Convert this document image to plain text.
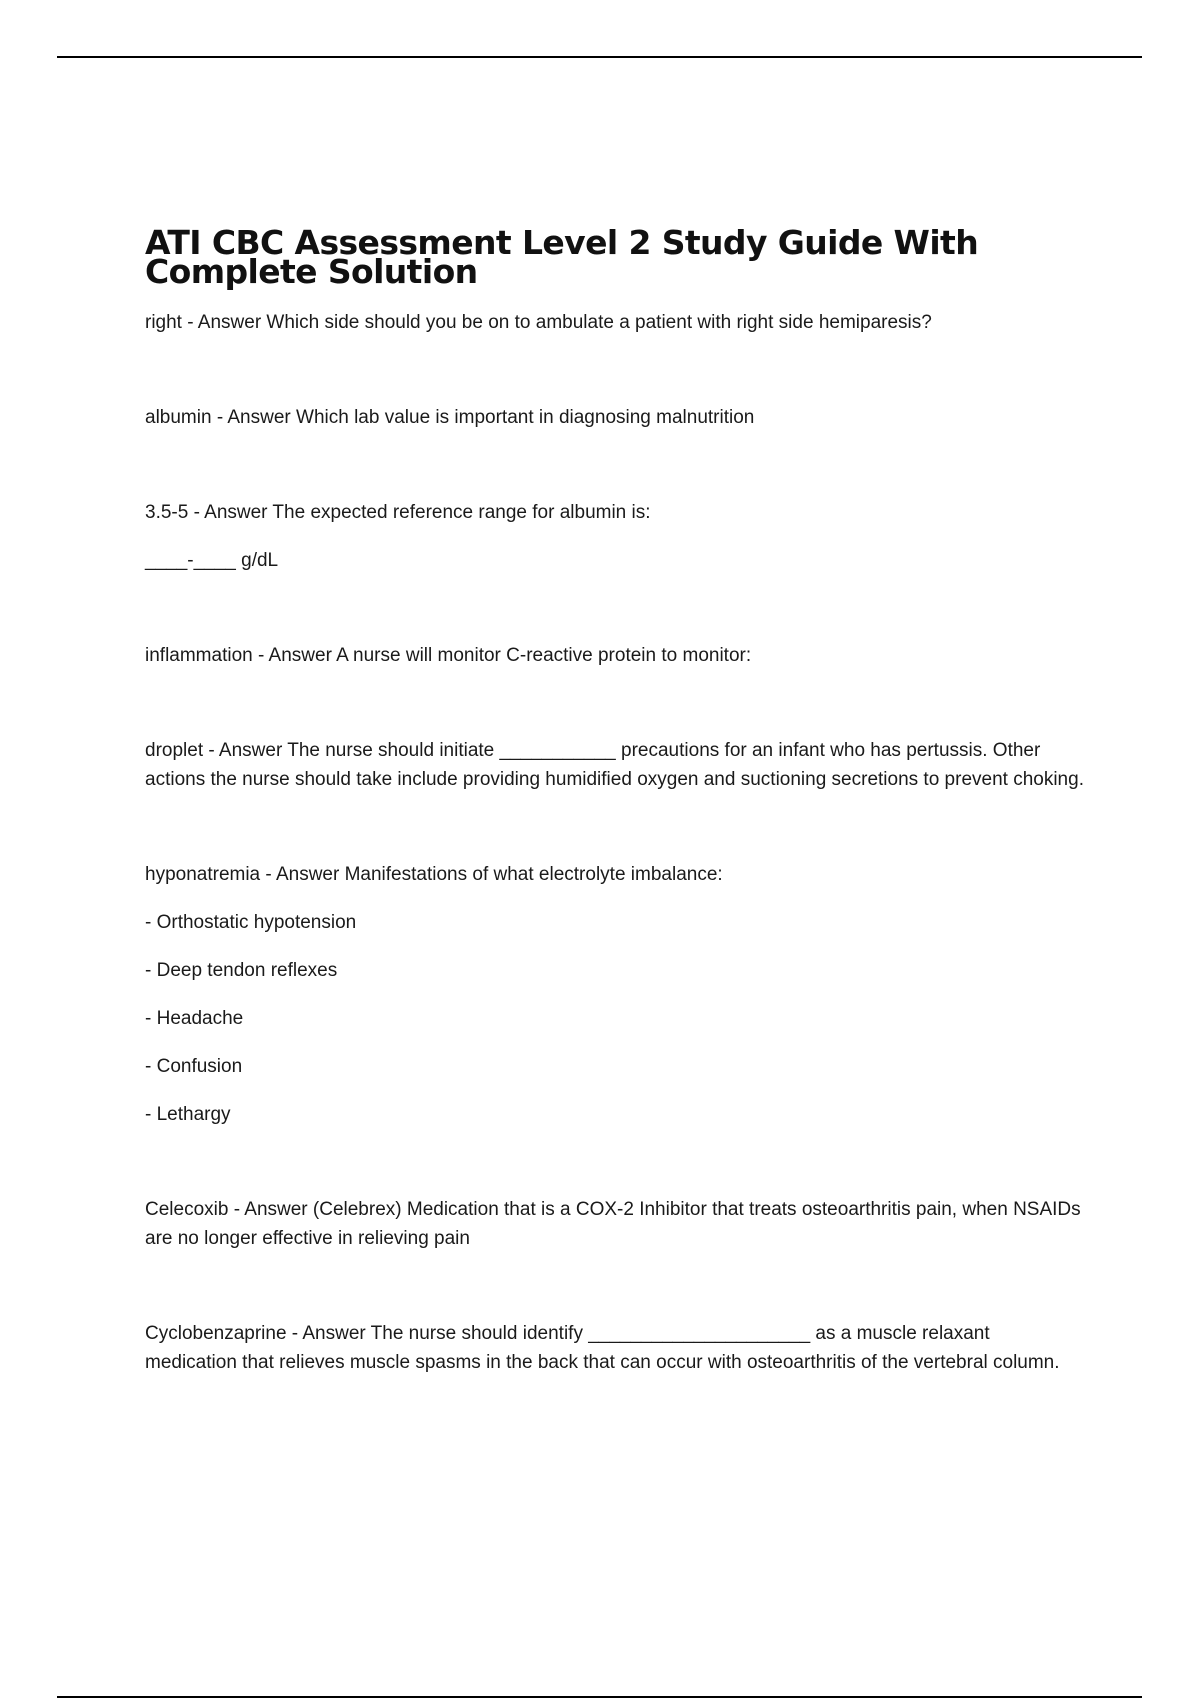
ATI CBC Assessment Level 2 Study Guide With Complete Solution

right - Answer Which side should you be on to ambulate a patient with right side hemiparesis?

albumin - Answer Which lab value is important in diagnosing malnutrition

3.5-5 - Answer The expected reference range for albumin is:

____-____ g/dL

inflammation - Answer A nurse will monitor C-reactive protein to monitor:

droplet - Answer The nurse should initiate ___________ precautions for an infant who has pertussis. Other actions the nurse should take include providing humidified oxygen and suctioning secretions to prevent choking.

hyponatremia - Answer Manifestations of what electrolyte imbalance:

- Orthostatic hypotension

- Deep tendon reflexes

- Headache

- Confusion

- Lethargy

Celecoxib - Answer (Celebrex) Medication that is a COX-2 Inhibitor that treats osteoarthritis pain, when NSAIDs are no longer effective in relieving pain

Cyclobenzaprine - Answer The nurse should identify _____________________ as a muscle relaxant medication that relieves muscle spasms in the back that can occur with osteoarthritis of the vertebral column.
